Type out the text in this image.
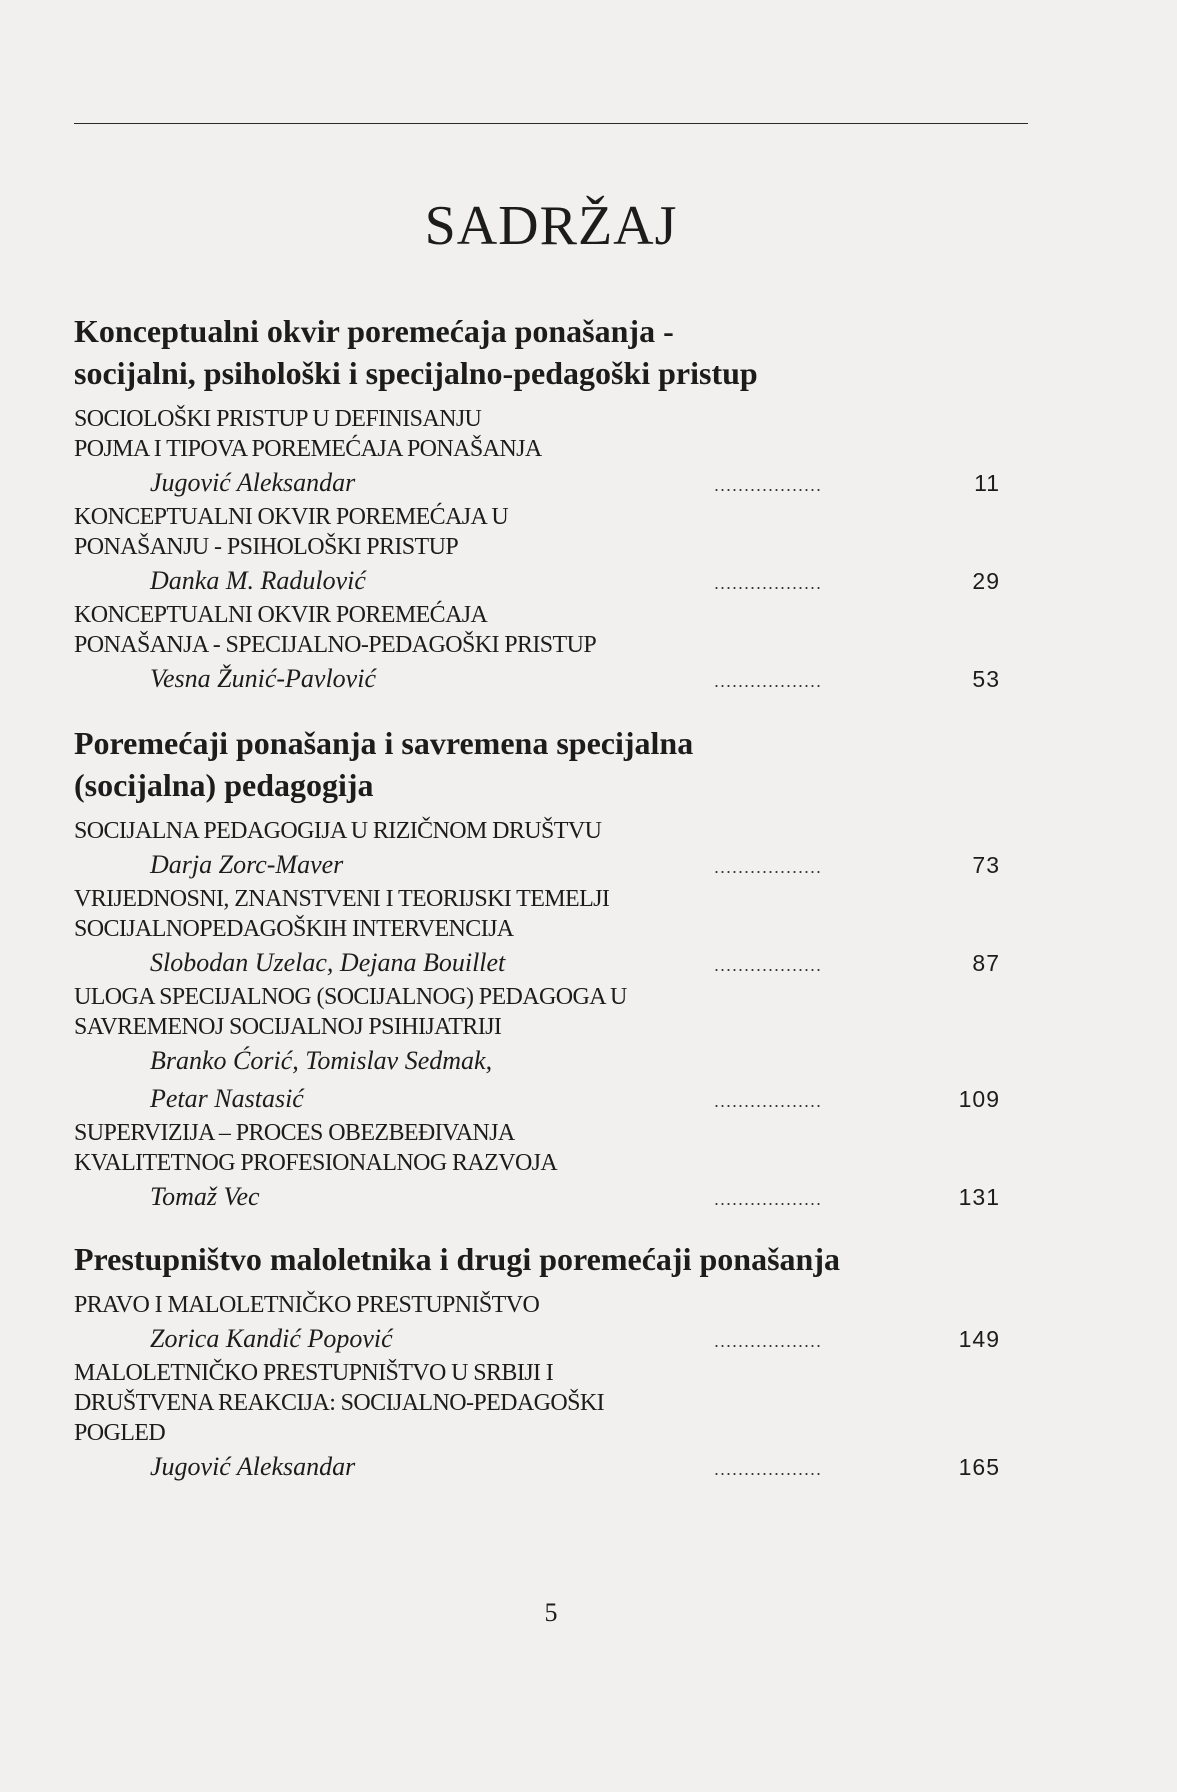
SADRŽAJ
Konceptualni okvir poremećaja ponašanja -
socijalni, psihološki i specijalno-pedagoški pristup
SOCIOLOŠKI PRISTUP U DEFINISANJU
POJMA I TIPOVA POREMEĆAJA PONAŠANJA
Jugović Aleksandar	..................	11
KONCEPTUALNI OKVIR POREMEĆAJA U
PONAŠANJU - PSIHOLOŠKI PRISTUP
Danka M. Radulović	..................	29
KONCEPTUALNI OKVIR POREMEĆAJA
PONAŠANJA - SPECIJALNO-PEDAGOŠKI PRISTUP
Vesna Žunić-Pavlović	..................	53
Poremećaji ponašanja i savremena specijalna
(socijalna) pedagogija
SOCIJALNA PEDAGOGIJA U RIZIČNOM DRUŠTVU
Darja Zorc-Maver	..................	73
VRIJEDNOSNI, ZNANSTVENI I TEORIJSKI TEMELJI
SOCIJALNOPEDAGOŠKIH INTERVENCIJA
Slobodan Uzelac, Dejana Bouillet	..................	87
ULOGA SPECIJALNOG (SOCIJALNOG) PEDAGOGA U
SAVREMENOJ SOCIJALNOJ PSIHIJATRIJI
Branko Ćorić, Tomislav Sedmak,
Petar Nastasić	..................	109
SUPERVIZIJA – PROCES OBEZBEĐIVANJA
KVALITETNOG PROFESIONALNOG RAZVOJA
Tomaž Vec	..................	131
Prestupništvo maloletnika i drugi poremećaji ponašanja
PRAVO I MALOLETNIČKO PRESTUPNIŠTVO
Zorica Kandić Popović	..................	149
MALOLETNIČKO PRESTUPNIŠTVO U SRBIJI I
DRUŠTVENA REAKCIJA: SOCIJALNO-PEDAGOŠKI
POGLED
Jugović Aleksandar	..................	165
5
